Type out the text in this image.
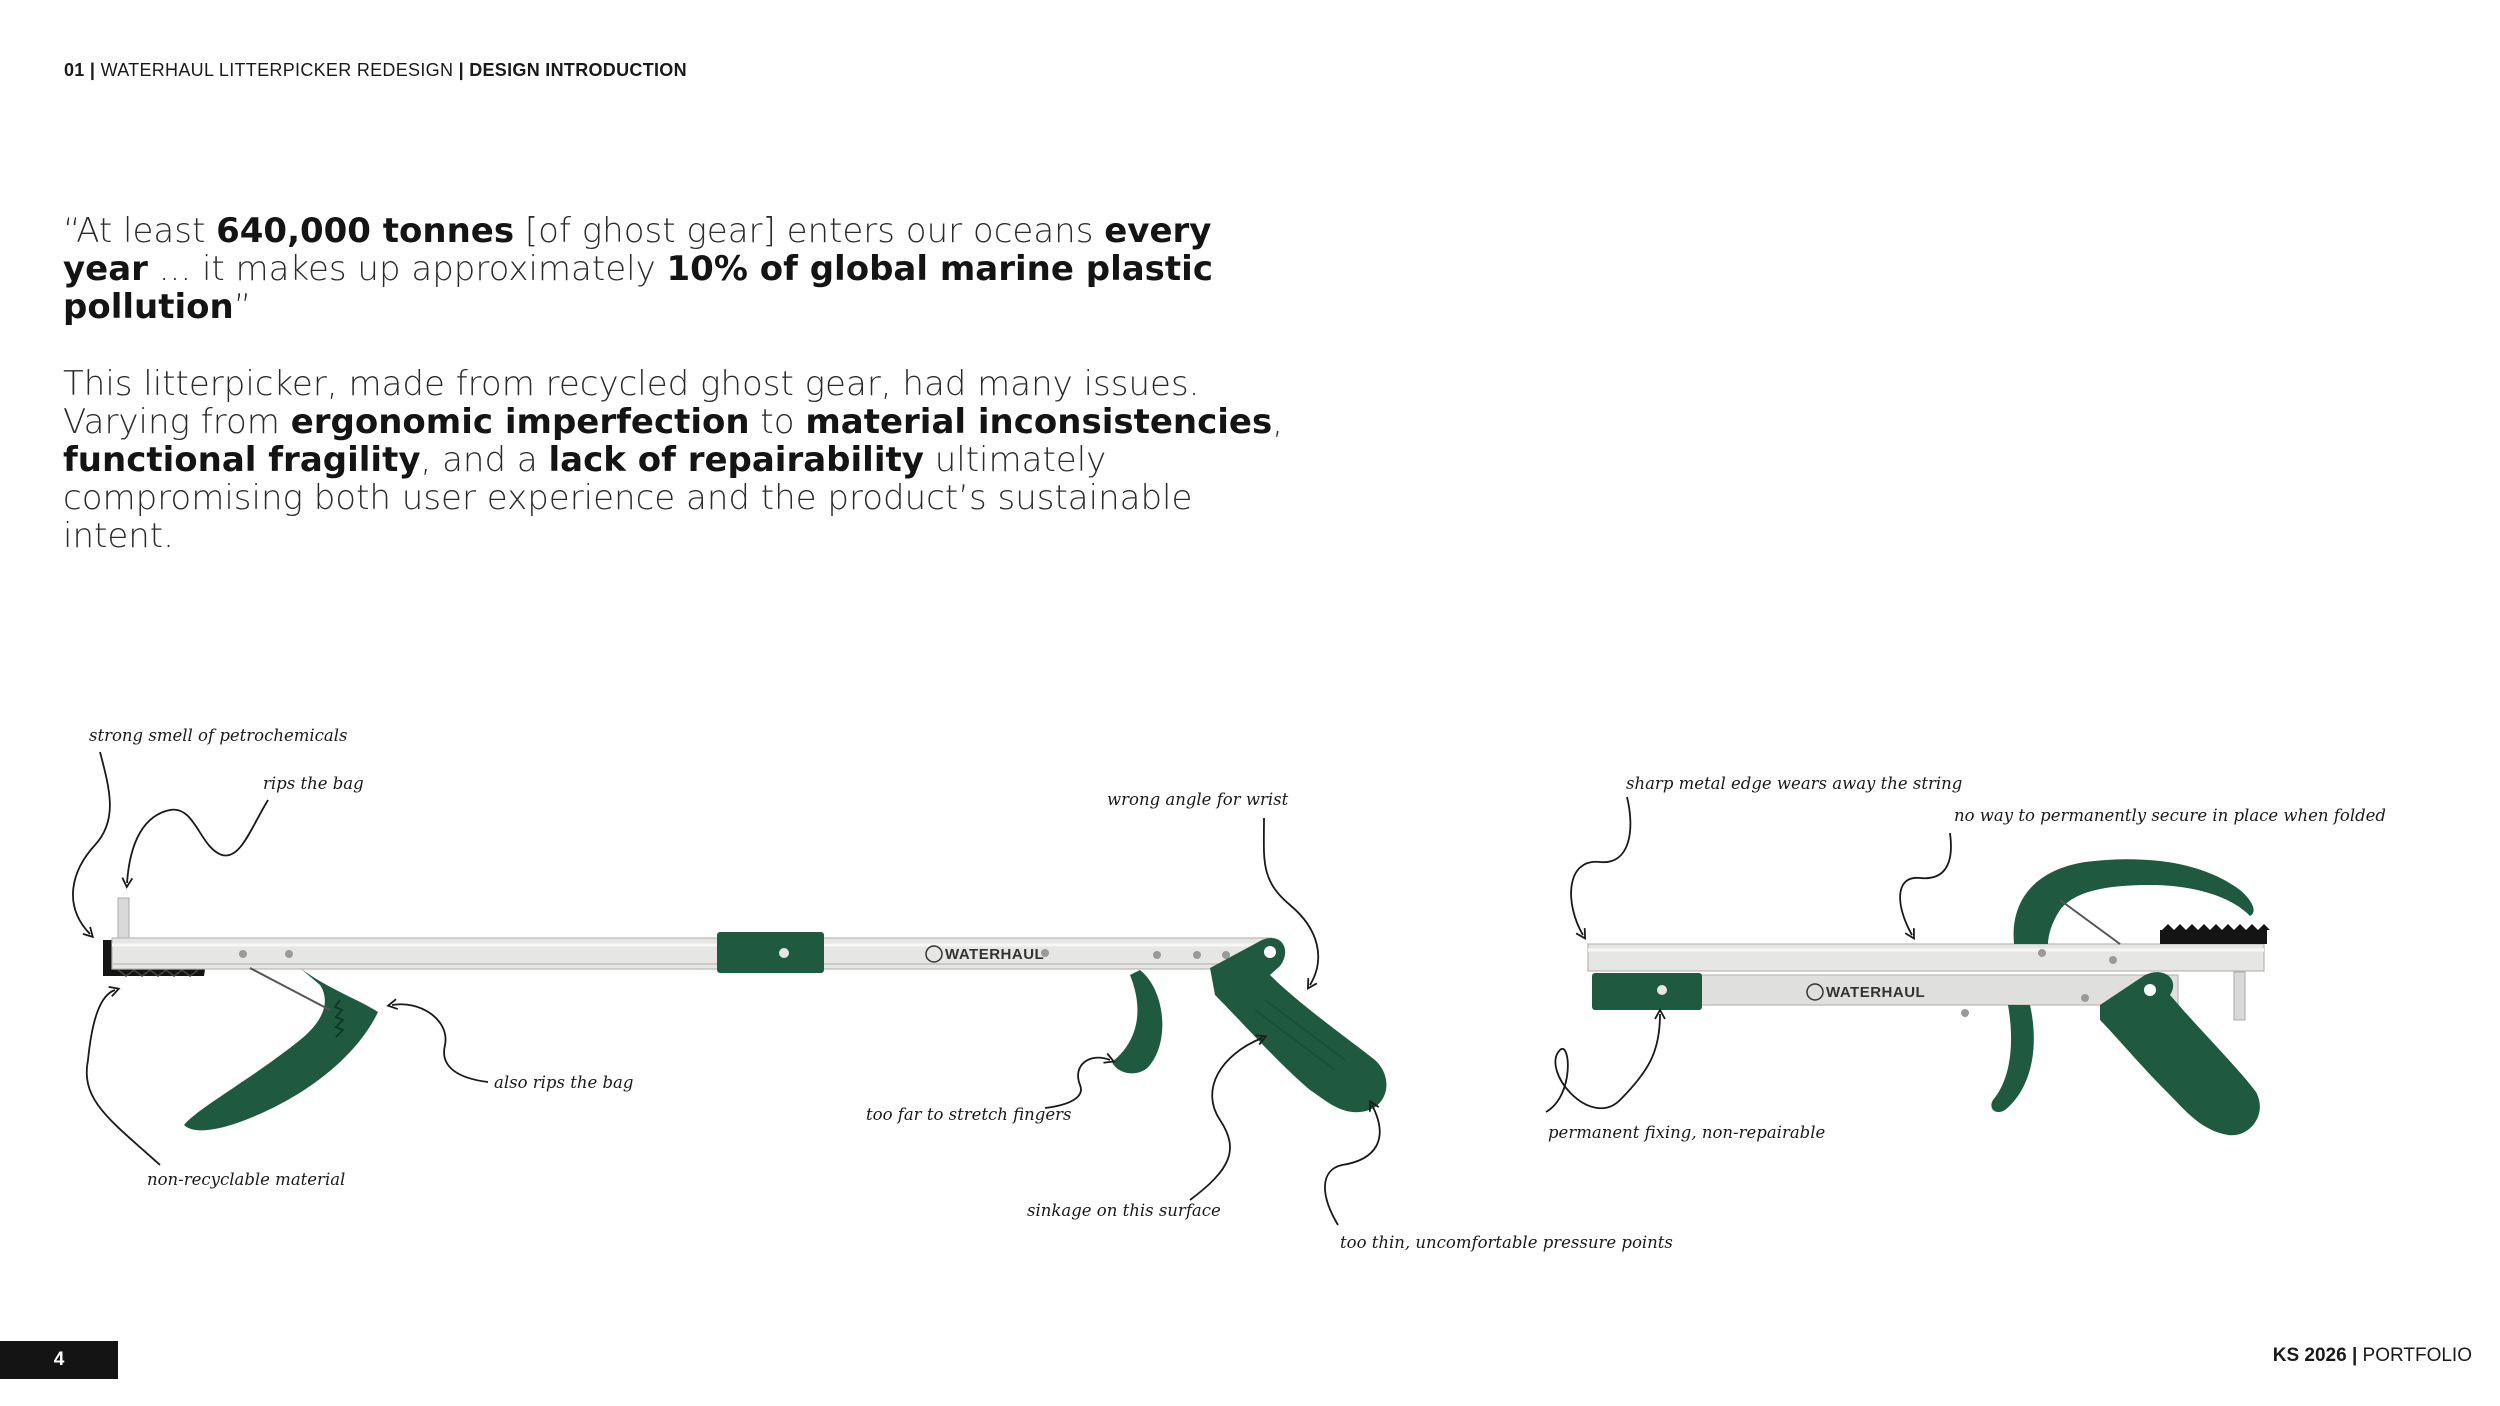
01 | WATERHAUL LITTERPICKER REDESIGN | DESIGN INTRODUCTION

“At least 640,000 tonnes [of ghost gear] enters our oceans every year ... it makes up approximately 10% of global marine plastic pollution”

This litterpicker, made from recycled ghost gear, had many issues. Varying from ergonomic imperfection to material inconsistencies, functional fragility, and a lack of repairability ultimately compromising both user experience and the product’s sustainable intent.

WATERHAUL
WATERHAUL
strong smell of petrochemicals
rips the bag
also rips the bag
non-recyclable material
wrong angle for wrist
too far to stretch fingers
sinkage on this surface
too thin, uncomfortable pressure points
sharp metal edge wears away the string
no way to permanently secure in place when folded
permanent fixing, non-repairable
4	KS 2026 | PORTFOLIO
